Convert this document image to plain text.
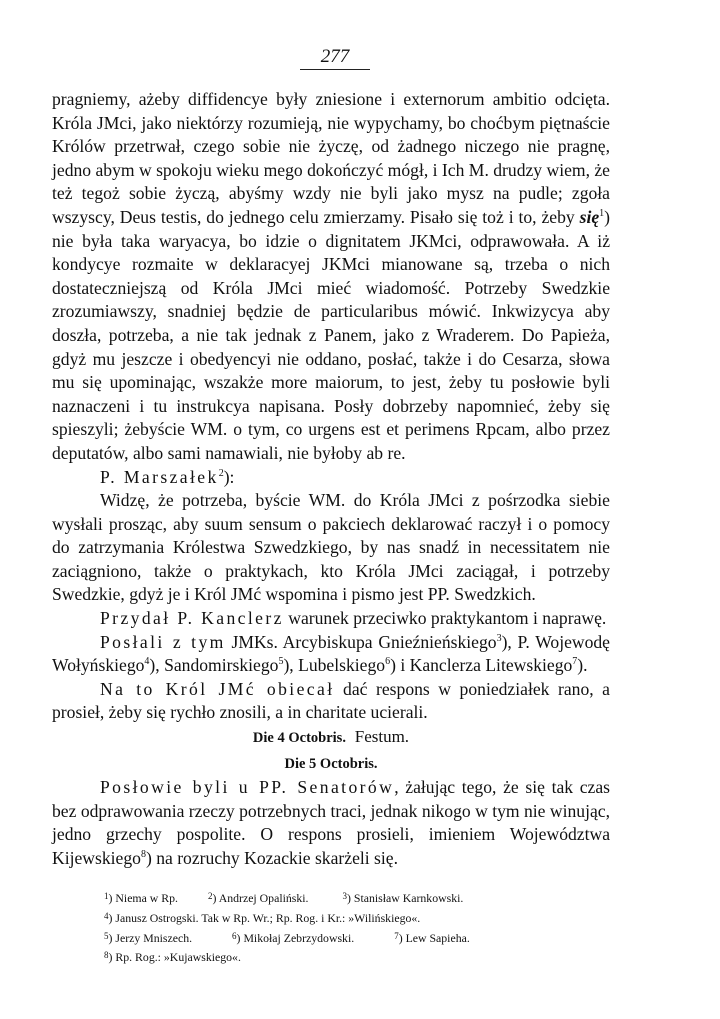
277

pragniemy, ażeby diffidencye były zniesione i externorum ambitio odcięta. Króla JMci, jako niektórzy rozumieją, nie wypychamy, bo choćbym piętnaście Królów przetrwał, czego sobie nie życzę, od żadnego niczego nie pragnę, jedno abym w spokoju wieku mego dokończyć mógł, i Ich M. drudzy wiem, że też tegoż sobie życzą, abyśmy wzdy nie byli jako mysz na pudle; zgoła wszyscy, Deus testis, do jednego celu zmierzamy. Pisało się toż i to, żeby się$^1$) nie była taka waryacya, bo idzie o dignitatem JKMci, odprawowała. A iż kondycye rozmaite w deklaracyej JKMci mianowane są, trzeba o nich dostateczniejszą od Króla JMci mieć wiadomość. Potrzeby Swedzkie zrozumiawszy, snadniej będzie de particularibus mówić. Inkwizycya aby doszła, potrzeba, a nie tak jednak z Panem, jako z Wraderem. Do Papieża, gdyż mu jeszcze i obedyencyi nie oddano, posłać, także i do Cesarza, słowa mu się upominając, wszakże more maiorum, to jest, żeby tu posłowie byli naznaczeni i tu instrukcya napisana. Posły dobrzeby napomnieć, żeby się spieszyli; żebyście WM. o tym, co urgens est et perimens Rpcam, albo przez deputatów, albo sami namawiali, nie byłoby ab re.

P. Marszałek$^2$):

Widzę, że potrzeba, byście WM. do Króla JMci z pośrzodka siebie wysłali prosząc, aby suum sensum o pakciech deklarować raczył i o pomocy do zatrzymania Królestwa Szwedzkiego, by nas snadź in necessitatem nie zaciągniono, także o praktykach, kto Króla JMci zaciągał, i potrzeby Swedzkie, gdyż je i Król JMć wspomina i pismo jest PP. Swedzkich.

Przydał P. Kanclerz warunek przeciwko praktykantom i naprawę.

Posłali z tym JMKs. Arcybiskupa Gnieźnieńskiego$^3$), P. Wojewodę Wołyńskiego$^4$), Sandomirskiego$^5$), Lubelskiego$^6$) i Kanclerza Litewskiego$^7$).

Na to Król JMć obiecał dać respons w poniedziałek rano, a prosieł, żeby się rychło znosili, a in charitate ucierali.

Die 4 Octobris. Festum.

Die 5 Octobris.

Posłowie byli u PP. Senatorów, żałując tego, że się tak czas bez odprawowania rzeczy potrzebnych traci, jednak nikogo w tym nie winując, jedno grzechy pospolite. O respons prosieli, imieniem Województwa Kijewskiego$^8$) na rozruchy Kozackie skarżeli się.

$^1$) Niema w Rp.	$^2$) Andrzej Opaliński.	$^3$) Stanisław Karnkowski.
$^4$) Janusz Ostrogski. Tak w Rp. Wr.; Rp. Rog. i Kr.: »Wilińskiego«.
$^5$) Jerzy Mniszech.	$^6$) Mikołaj Zebrzydowski.	$^7$) Lew Sapieha.
$^8$) Rp. Rog.: »Kujawskiego«.
